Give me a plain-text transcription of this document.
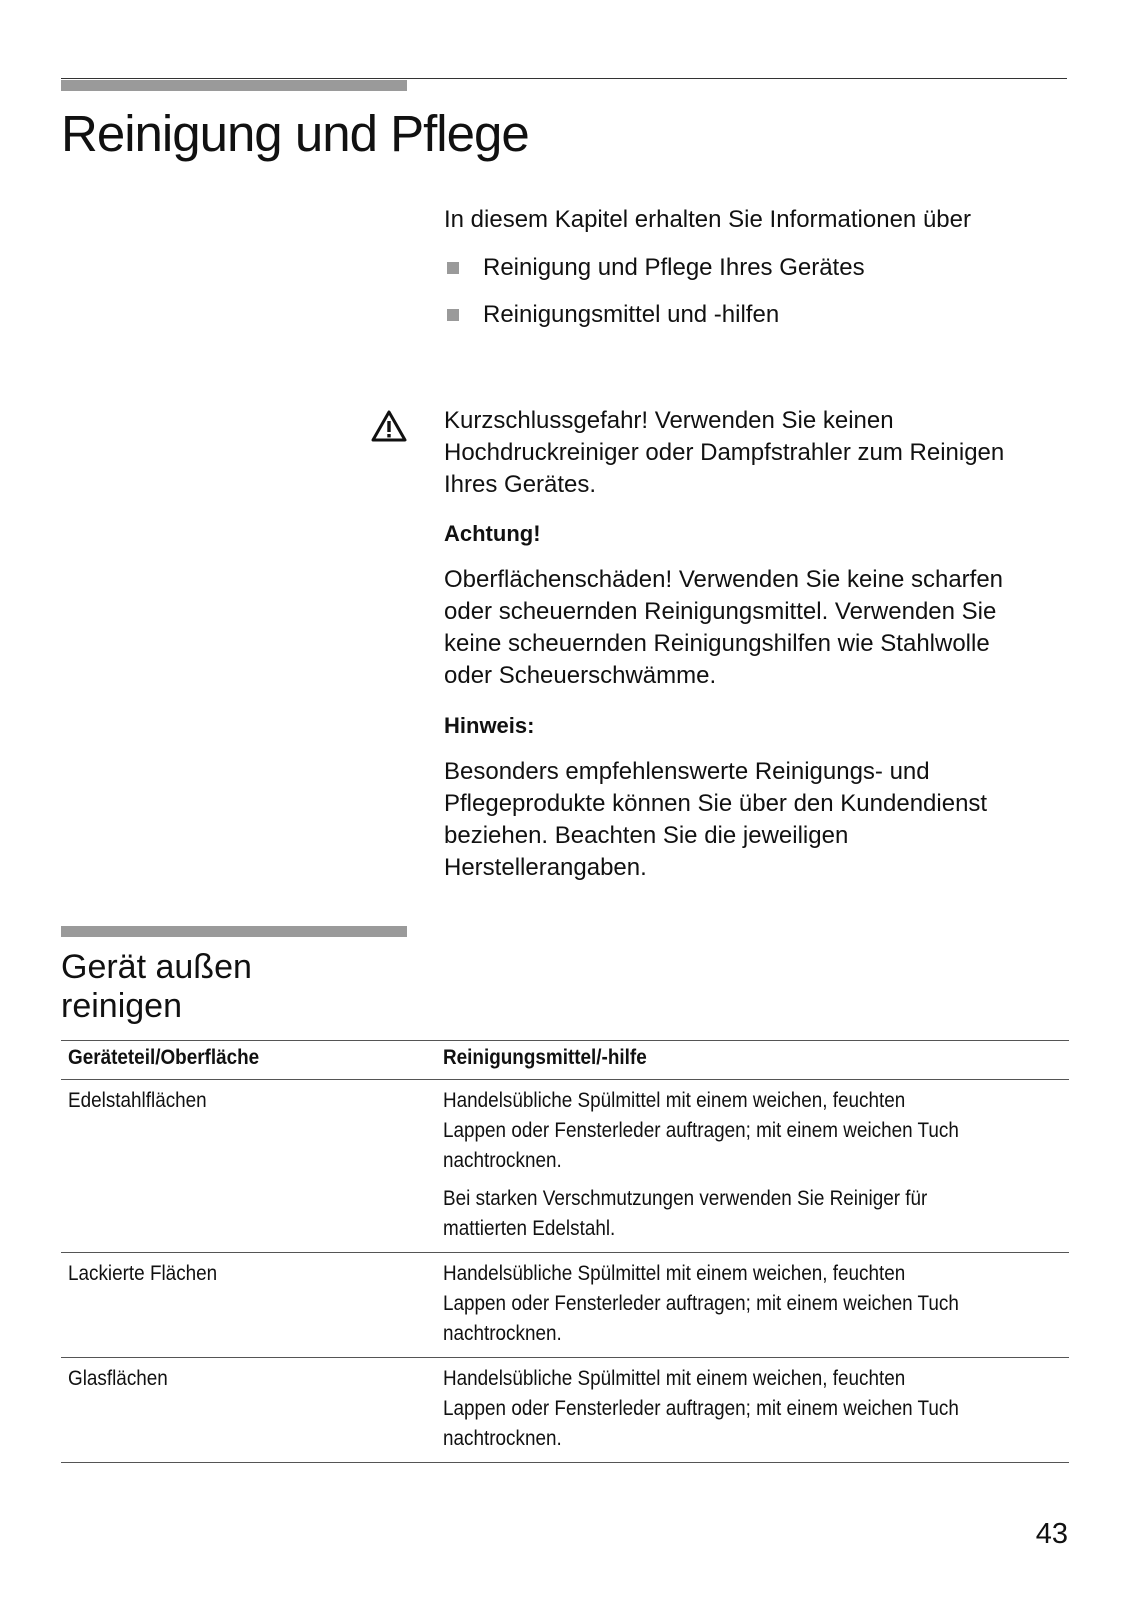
Reinigung und Pflege
In diesem Kapitel erhalten Sie Informationen über
Reinigung und Pflege Ihres Gerätes
Reinigungsmittel und -hilfen
Kurzschlussgefahr! Verwenden Sie keinen
Hochdruckreiniger oder Dampfstrahler zum Reinigen
Ihres Gerätes.
Achtung!
Oberflächenschäden! Verwenden Sie keine scharfen
oder scheuernden Reinigungsmittel. Verwenden Sie
keine scheuernden Reinigungshilfen wie Stahlwolle
oder Scheuerschwämme.
Hinweis:
Besonders empfehlenswerte Reinigungs- und
Pflegeprodukte können Sie über den Kundendienst
beziehen. Beachten Sie die jeweiligen
Herstellerangaben.
Gerät außen
reinigen
Geräteteil/Oberfläche	Reinigungsmittel/-hilfe
Edelstahlflächen	Handelsübliche Spülmittel mit einem weichen, feuchten
Lappen oder Fensterleder auftragen; mit einem weichen Tuch
nachtrocknen.
Bei starken Verschmutzungen verwenden Sie Reiniger für
mattierten Edelstahl.
Lackierte Flächen	Handelsübliche Spülmittel mit einem weichen, feuchten
Lappen oder Fensterleder auftragen; mit einem weichen Tuch
nachtrocknen.
Glasflächen	Handelsübliche Spülmittel mit einem weichen, feuchten
Lappen oder Fensterleder auftragen; mit einem weichen Tuch
nachtrocknen.
43
